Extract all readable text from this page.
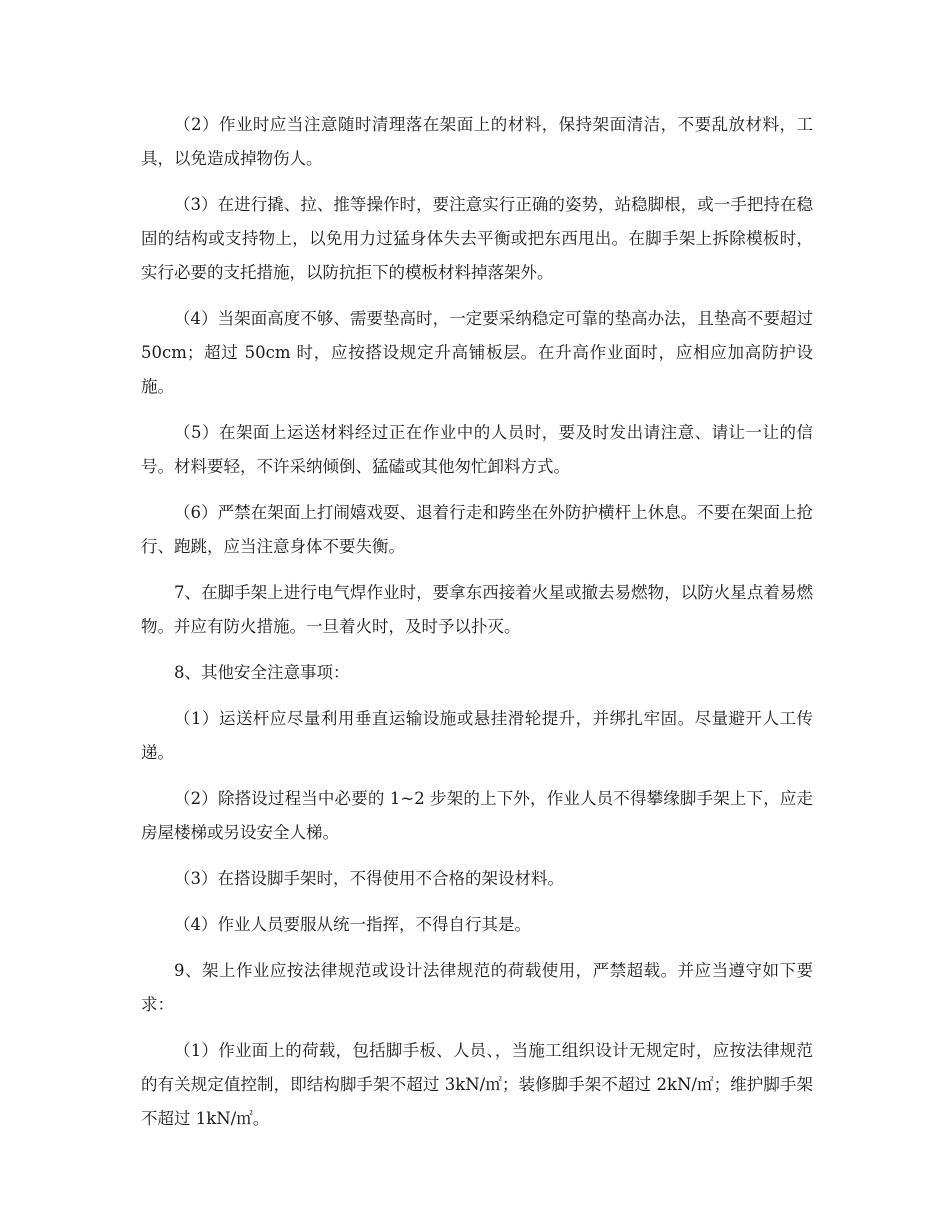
（2）作业时应当注意随时清理落在架面上的材料，保持架面清洁，不要乱放材料，工具，以免造成掉物伤人。

（3）在进行撬、拉、推等操作时，要注意实行正确的姿势，站稳脚根，或一手把持在稳固的结构或支持物上，以免用力过猛身体失去平衡或把东西甩出。在脚手架上拆除模板时，实行必要的支托措施，以防抗拒下的模板材料掉落架外。

（4）当架面高度不够、需要垫高时，一定要采纳稳定可靠的垫高办法，且垫高不要超过 50cm；超过 50cm 时，应按搭设规定升高铺板层。在升高作业面时，应相应加高防护设施。

（5）在架面上运送材料经过正在作业中的人员时，要及时发出请注意、请让一让的信号。材料要轻，不许采纳倾倒、猛磕或其他匆忙卸料方式。

（6）严禁在架面上打闹嬉戏耍、退着行走和跨坐在外防护横杆上休息。不要在架面上抢行、跑跳，应当注意身体不要失衡。

7、在脚手架上进行电气焊作业时，要拿东西接着火星或撤去易燃物，以防火星点着易燃物。并应有防火措施。一旦着火时，及时予以扑灭。

8、其他安全注意事项：

（1）运送杆应尽量利用垂直运输设施或悬挂滑轮提升，并绑扎牢固。尽量避开人工传递。

（2）除搭设过程当中必要的 1~2 步架的上下外，作业人员不得攀缘脚手架上下，应走房屋楼梯或另设安全人梯。

（3）在搭设脚手架时，不得使用不合格的架设材料。

（4）作业人员要服从统一指挥，不得自行其是。

9、架上作业应按法律规范或设计法律规范的荷载使用，严禁超载。并应当遵守如下要求：

（1）作业面上的荷载，包括脚手板、人员、，当施工组织设计无规定时，应按法律规范的有关规定值控制，即结构脚手架不超过 3kN/㎡；装修脚手架不超过 2kN/㎡；维护脚手架不超过 1kN/㎡。
